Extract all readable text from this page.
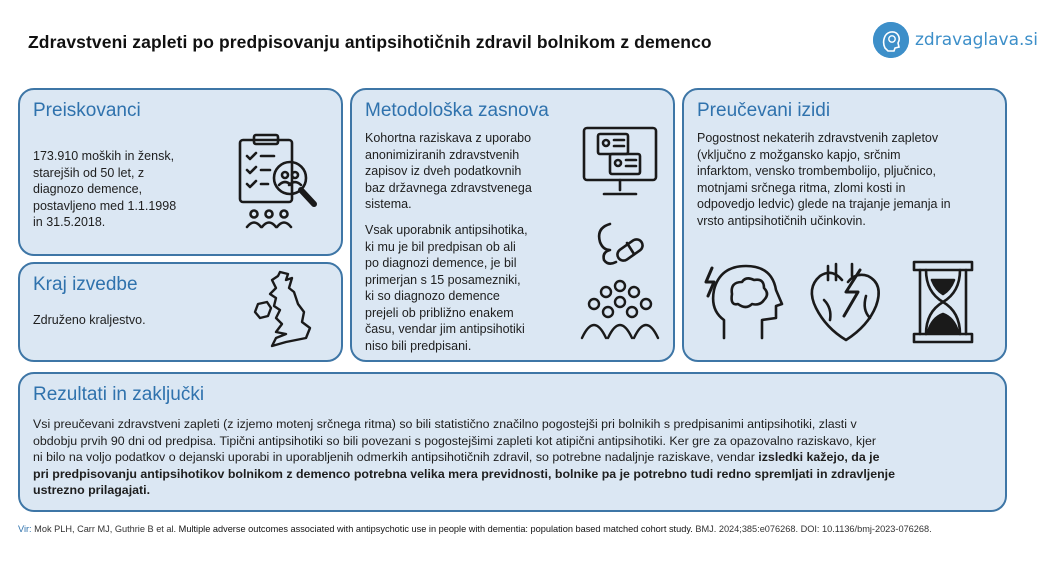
Zdravstveni zapleti po predpisovanju antipsihotičnih zdravil bolnikom z demenco	zdravaglava.si
Preiskovanci
173.910 moških in žensk,
starejših od 50 let, z
diagnozo demence,
postavljeno med 1.1.1998
in 31.5.2018.
Kraj izvedbe
Združeno kraljestvo.
Metodološka zasnova
Kohortna raziskava z uporabo
anonimiziranih zdravstvenih
zapisov iz dveh podatkovnih
baz državnega zdravstvenega
sistema.
Vsak uporabnik antipsihotika,
ki mu je bil predpisan ob ali
po diagnozi demence, je bil
primerjan s 15 posamezniki,
ki so diagnozo demence
prejeli ob približno enakem
času, vendar jim antipsihotiki
niso bili predpisani.
Preučevani izidi
Pogostnost nekaterih zdravstvenih zapletov
(vključno z možgansko kapjo, srčnim
infarktom, vensko trombembolijo, pljučnico,
motnjami srčnega ritma, zlomi kosti in
odpovedjo ledvic) glede na trajanje jemanja in
vrsto antipsihotičnih učinkovin.
Rezultati in zaključki
Vsi preučevani zdravstveni zapleti (z izjemo motenj srčnega ritma) so bili statistično značilno pogostejši pri bolnikih s predpisanimi antipsihotiki, zlasti v
obdobju prvih 90 dni od predpisa. Tipični antipsihotiki so bili povezani s pogostejšimi zapleti kot atipični antipsihotiki. Ker gre za opazovalno raziskavo, kjer
ni bilo na voljo podatkov o dejanski uporabi in uporabljenih odmerkih antipsihotičnih zdravil, so potrebne nadaljnje raziskave, vendar izsledki kažejo, da je
pri predpisovanju antipsihotikov bolnikom z demenco potrebna velika mera previdnosti, bolnike pa je potrebno tudi redno spremljati in zdravljenje
ustrezno prilagajati.
Vir: Mok PLH, Carr MJ, Guthrie B et al. Multiple adverse outcomes associated with antipsychotic use in people with dementia: population based matched cohort study. BMJ. 2024;385:e076268. DOI: 10.1136/bmj-2023-076268.
